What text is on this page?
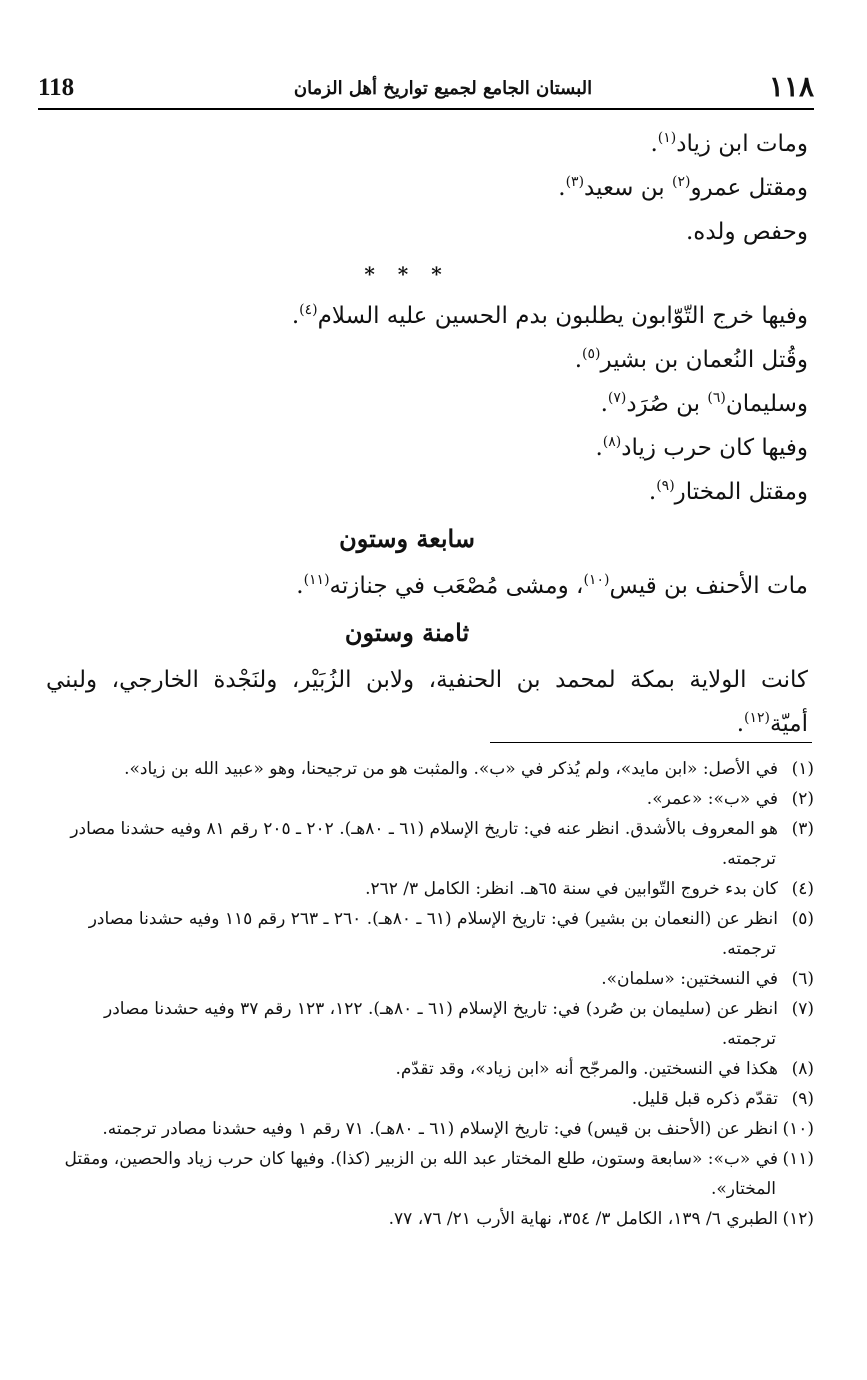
118	البستان الجامع لجميع تواريخ أهل الزمان	١١٨
ومات ابن زياد$^{(١)}$.
ومقتل عمرو$^{(٢)}$ بن سعيد$^{(٣)}$.
وحفص ولده.
* * *
وفيها خرج التّوّابون يطلبون بدم الحسين عليه السلام$^{(٤)}$.
وقُتل النُعمان بن بشير$^{(٥)}$.
وسليمان$^{(٦)}$ بن صُرَد$^{(٧)}$.
وفيها كان حرب زياد$^{(٨)}$.
ومقتل المختار$^{(٩)}$.
سابعة وستون
مات الأحنف بن قيس$^{(١٠)}$، ومشى مُصْعَب في جنازته$^{(١١)}$.
ثامنة وستون
كانت الولاية بمكة لمحمد بن الحنفية، ولابن الزُبَيْر، ولنَجْدة الخارجي، ولبني أميّة$^{(١٢)}$.
(١)في الأصل: «ابن مايد»، ولم يُذكر في «ب». والمثبت هو من ترجيحنا، وهو «عبيد الله بن زياد».
(٢)في «ب»: «عمر».
(٣)هو المعروف بالأشدق. انظر عنه في: تاريخ الإسلام (٦١ ـ ٨٠هـ). ٢٠٢ ـ ٢٠٥ رقم ٨١ وفيه حشدنا مصادر ترجمته.
(٤)كان بدء خروج التّوابين في سنة ٦٥هـ. انظر: الكامل ٣/ ٢٦٢.
(٥)انظر عن (النعمان بن بشير) في: تاريخ الإسلام (٦١ ـ ٨٠هـ). ٢٦٠ ـ ٢٦٣ رقم ١١٥ وفيه حشدنا مصادر ترجمته.
(٦)في النسختين: «سلمان».
(٧)انظر عن (سليمان بن صُرد) في: تاريخ الإسلام (٦١ ـ ٨٠هـ). ١٢٢، ١٢٣ رقم ٣٧ وفيه حشدنا مصادر ترجمته.
(٨)هكذا في النسختين. والمرجّح أنه «ابن زياد»، وقد تقدّم.
(٩)تقدّم ذكره قبل قليل.
(١٠)انظر عن (الأحنف بن قيس) في: تاريخ الإسلام (٦١ ـ ٨٠هـ). ٧١ رقم ١ وفيه حشدنا مصادر ترجمته.
(١١)في «ب»: «سابعة وستون، طلع المختار عبد الله بن الزبير (كذا). وفيها كان حرب زياد والحصين، ومقتل المختار».
(١٢)الطبري ٦/ ١٣٩، الكامل ٣/ ٣٥٤، نهاية الأرب ٢١/ ٧٦، ٧٧.
